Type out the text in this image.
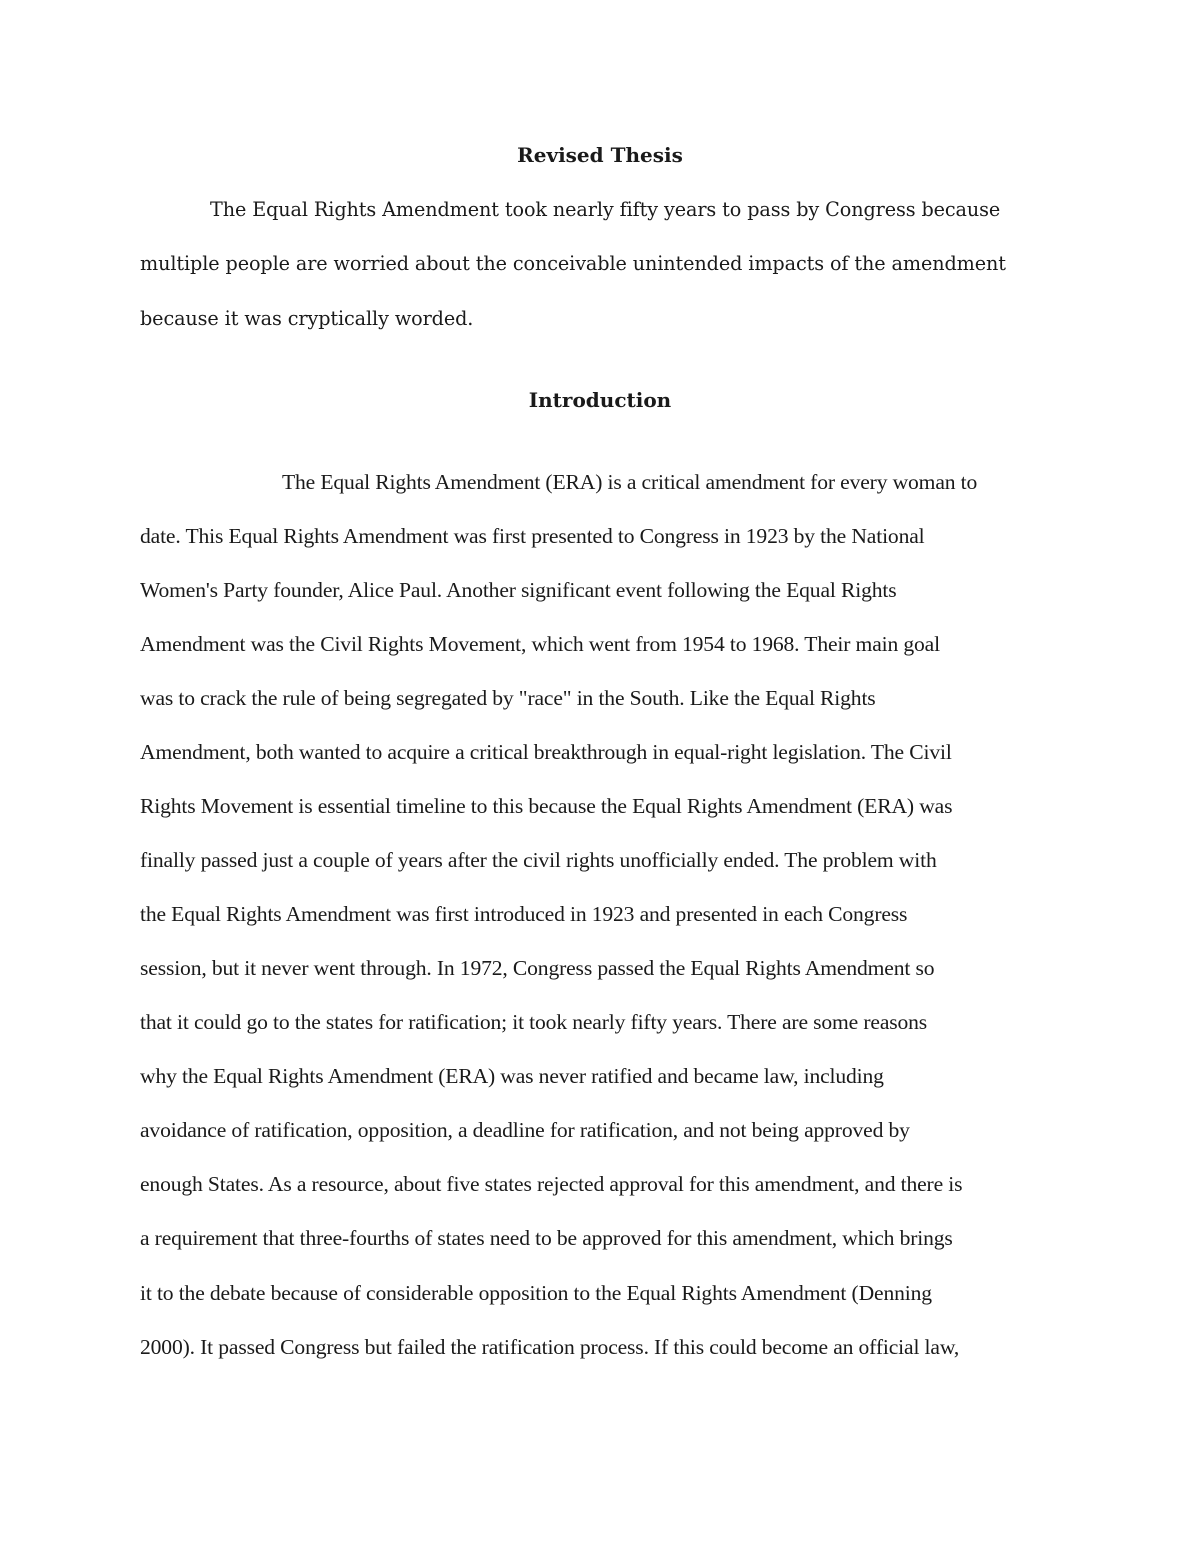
Revised Thesis

The Equal Rights Amendment took nearly fifty years to pass by Congress because

multiple people are worried about the conceivable unintended impacts of the amendment

because it was cryptically worded.

Introduction

The Equal Rights Amendment (ERA) is a critical amendment for every woman to

date. This Equal Rights Amendment was first presented to Congress in 1923 by the National

Women's Party founder, Alice Paul. Another significant event following the Equal Rights

Amendment was the Civil Rights Movement, which went from 1954 to 1968. Their main goal

was to crack the rule of being segregated by "race" in the South. Like the Equal Rights

Amendment, both wanted to acquire a critical breakthrough in equal-right legislation. The Civil

Rights Movement is essential timeline to this because the Equal Rights Amendment (ERA) was

finally passed just a couple of years after the civil rights unofficially ended. The problem with

the Equal Rights Amendment was first introduced in 1923 and presented in each Congress

session, but it never went through. In 1972, Congress passed the Equal Rights Amendment so

that it could go to the states for ratification; it took nearly fifty years. There are some reasons

why the Equal Rights Amendment (ERA) was never ratified and became law, including

avoidance of ratification, opposition, a deadline for ratification, and not being approved by

enough States. As a resource, about five states rejected approval for this amendment, and there is

a requirement that three-fourths of states need to be approved for this amendment, which brings

it to the debate because of considerable opposition to the Equal Rights Amendment (Denning

2000). It passed Congress but failed the ratification process. If this could become an official law,
